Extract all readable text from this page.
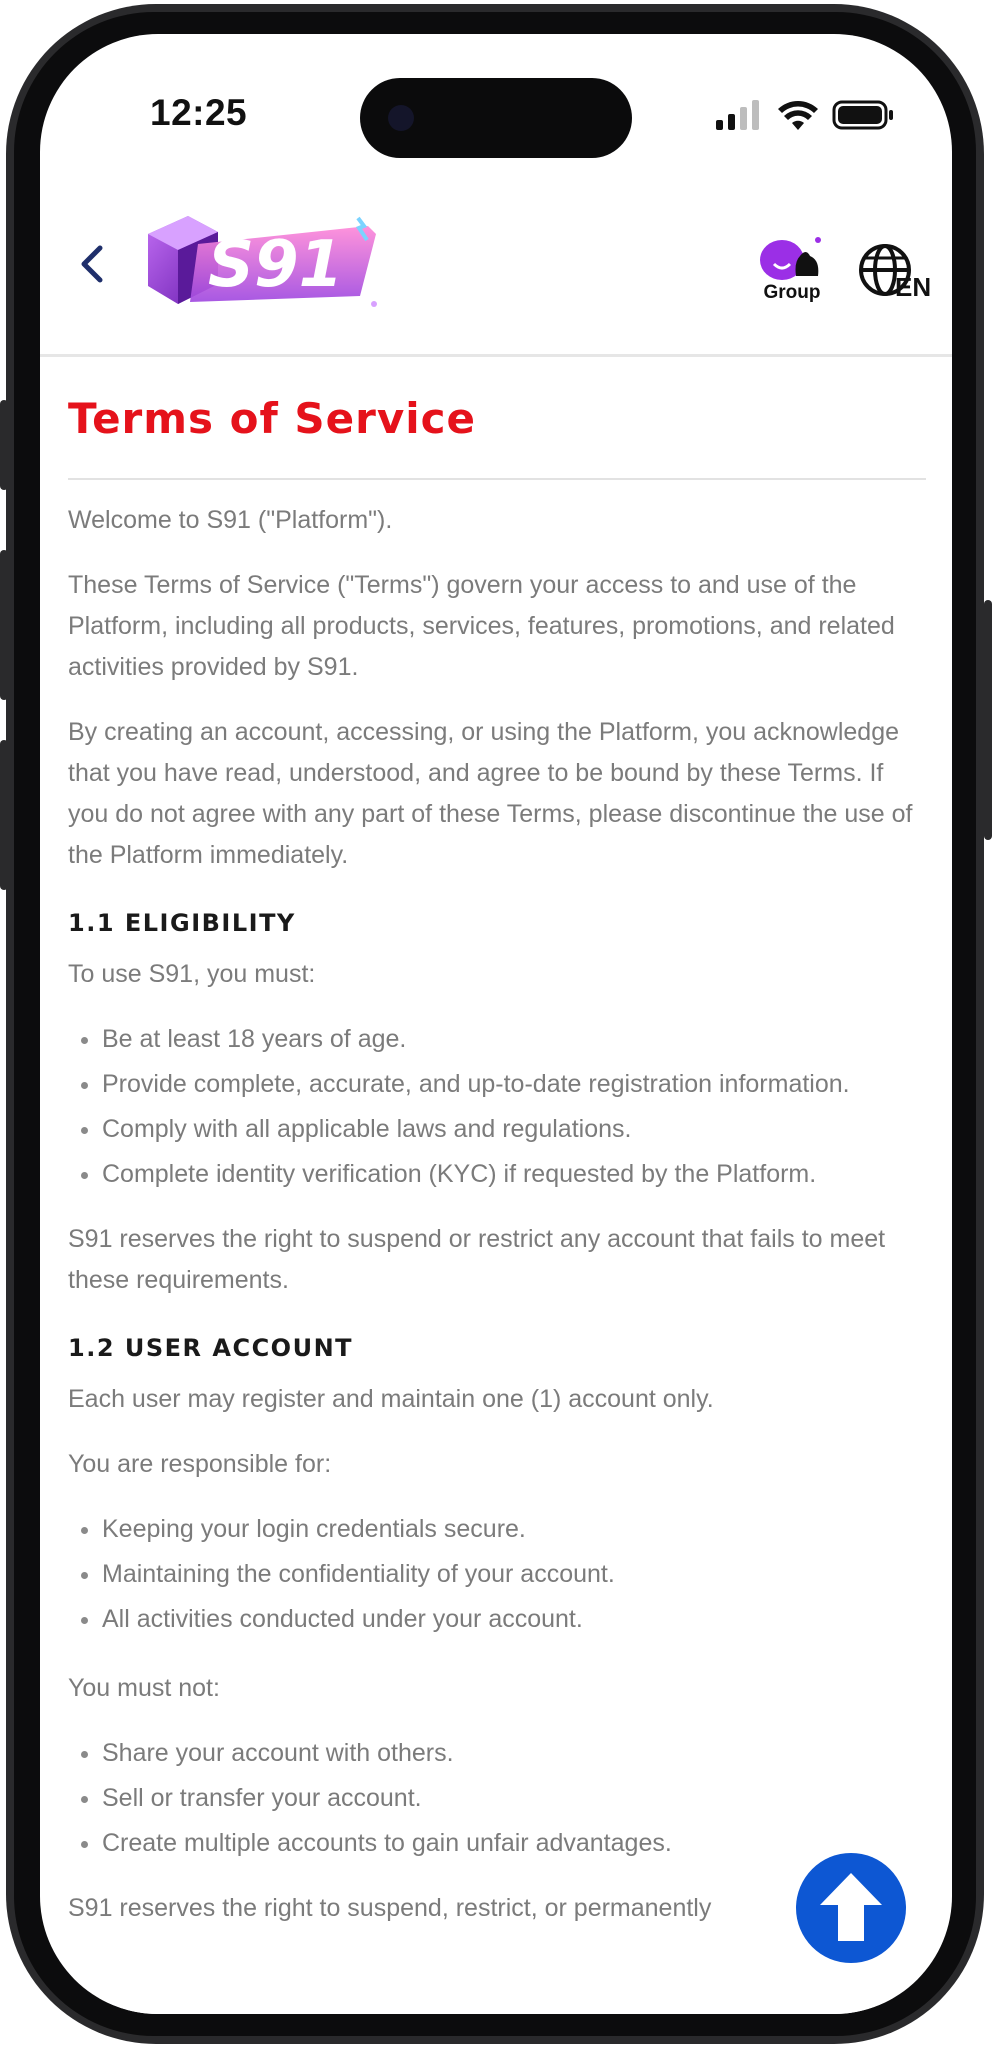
12:25
S91	Group	EN
Terms of Service

Welcome to S91 ("Platform").

These Terms of Service ("Terms") govern your access to and use of the Platform, including all products, services, features, promotions, and related activities provided by S91.

By creating an account, accessing, or using the Platform, you acknowledge that you have read, understood, and agree to be bound by these Terms. If you do not agree with any part of these Terms, please discontinue the use of the Platform immediately.

1.1 ELIGIBILITY

To use S91, you must:

• Be at least 18 years of age.
• Provide complete, accurate, and up-to-date registration information.
• Comply with all applicable laws and regulations.
• Complete identity verification (KYC) if requested by the Platform.

S91 reserves the right to suspend or restrict any account that fails to meet these requirements.

1.2 USER ACCOUNT

Each user may register and maintain one (1) account only.

You are responsible for:

• Keeping your login credentials secure.
• Maintaining the confidentiality of your account.
• All activities conducted under your account.

You must not:

• Share your account with others.
• Sell or transfer your account.
• Create multiple accounts to gain unfair advantages.

S91 reserves the right to suspend, restrict, or permanently
